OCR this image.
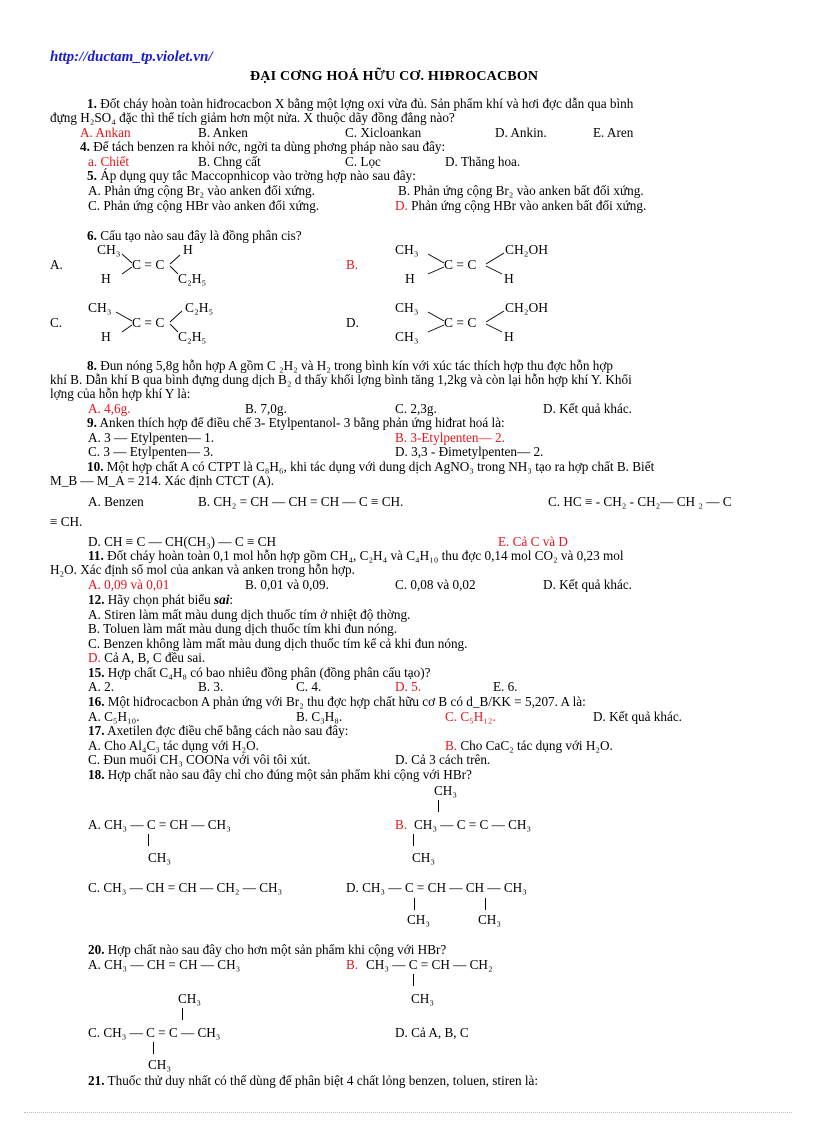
http://ductam_tp.violet.vn/
ĐẠI CƠNG HOÁ HỮU CƠ. HIĐROCACBON
1. Đốt cháy hoàn toàn hiđrocacbon X bằng một lợng oxi vừa đủ. Sản phẩm khí và hơi đợc dẫn qua bình
đựng H₂SO₄ đặc thì thể tích giảm hơn một nửa. X thuộc dãy đồng đẳng nào?
A. Ankan	B. Anken	C. Xicloankan	D. Ankin.	E. Aren
4. Để tách benzen ra khỏi nớc, ngời ta dùng phơng pháp nào sau đây:
a. Chiết	B. Chng cất	C. Lọc	D. Thăng hoa.
5. Áp dụng quy tắc Maccopnhicop vào trờng hợp nào sau đây:
A. Phản ứng cộng Br₂ vào anken đối xứng.	B. Phản ứng cộng Br₂ vào anken bất đối xứng.
C. Phản ứng cộng HBr vào anken đối xứng.	D. Phản ứng cộng HBr vào anken bất đối xứng.
6. Cấu tạo nào sau đây là đồng phân cis?
A.
CH₃	H
C = C
H	C₂H₅
B.
CH₃	CH₂OH
C = C
H	H
C.
CH₃	C₂H₅
C = C
H	C₂H₅
D.
CH₃	CH₂OH
C = C
CH₃	H
8. Đun nóng 5,8g hỗn hợp A gồm C ₂H₂ và H₂ trong bình kín với xúc tác thích hợp thu đợc hỗn hợp
khí B. Dẫn khí B qua bình đựng dung dịch B₂ d thấy khối lợng bình tăng 1,2kg và còn lại hỗn hợp khí Y. Khối
lợng của hỗn hợp khí Y là:
A. 4,6g.	B. 7,0g.	C. 2,3g.	D. Kết quả khác.
9. Anken thích hợp để điều chế 3- Etylpentanol- 3 bằng phản ứng hiđrat hoá là:
A. 3 — Etylpenten— 1.	B. 3-Etylpenten— 2.
C. 3 — Etylpenten— 3.	D. 3,3 - Đimetylpenten— 2.
10. Một hợp chất A có CTPT là C₈H₆, khi tác dụng với dung dịch AgNO₃ trong NH₃ tạo ra hợp chất B. Biết
M_B — M_A = 214. Xác định CTCT (A).
A. Benzen	B. CH₂ = CH — CH = CH — C ≡ CH.	C. HC ≡ - CH₂ - CH₂— CH ₂ — C
≡ CH.
D. CH ≡ C — CH(CH₃) — C ≡ CH	E. Cả C và D
11. Đốt cháy hoàn toàn 0,1 mol hỗn hợp gồm CH₄, C₂H₄ và C₄H₁₀ thu đợc 0,14 mol CO₂ và 0,23 mol
H₂O. Xác định số mol của ankan và anken trong hỗn hợp.
A. 0,09 và 0,01	B. 0,01 và 0,09.	C. 0,08 và 0,02	D. Kết quả khác.
12. Hãy chọn phát biểu sai:
A. Stiren làm mất màu dung dịch thuốc tím ở nhiệt độ thờng.
B. Toluen làm mất màu dung dịch thuốc tím khi đun nóng.
C. Benzen không làm mất màu dung dịch thuốc tím kể cả khi đun nóng.
D. Cả A, B, C đều sai.
15. Hợp chất C₄H₈ có bao nhiêu đồng phân (đồng phân cấu tạo)?
A. 2.	B. 3.	C. 4.	D. 5.	E. 6.
16. Một hiđrocacbon A phản ứng với Br₂ thu đợc hợp chất hữu cơ B có d_B/KK = 5,207. A là:
A. C₅H₁₀.	B. C₃H₈.	C. C₅H₁₂.	D. Kết quả khác.
17. Axetilen đợc điều chế bằng cách nào sau đây:
A. Cho Al₄C₃ tác dụng với H₂O.	B. Cho CaC₂ tác dụng với H₂O.
C. Đun muối CH₃ COONa với vôi tôi xút.	D. Cả 3 cách trên.
18. Hợp chất nào sau đây chỉ cho đúng một sản phẩm khi cộng với HBr?
CH₃
A. CH₃ — C = CH — CH₃	B. CH₃ — C = C — CH₃
CH₃	CH₃
C. CH₃ — CH = CH — CH₂ — CH₃	D. CH₃ — C = CH — CH — CH₃
CH₃	CH₃
20. Hợp chất nào sau đây cho hơn một sản phẩm khi cộng với HBr?
A. CH₃ — CH = CH — CH₃	B. CH₃ — C = CH — CH₂
CH₃
CH₃
C. CH₃ — C = C — CH₃	D. Cả A, B, C
CH₃
21. Thuốc thử duy nhất có thể dùng để phân biệt 4 chất lỏng benzen, toluen, stiren là:
